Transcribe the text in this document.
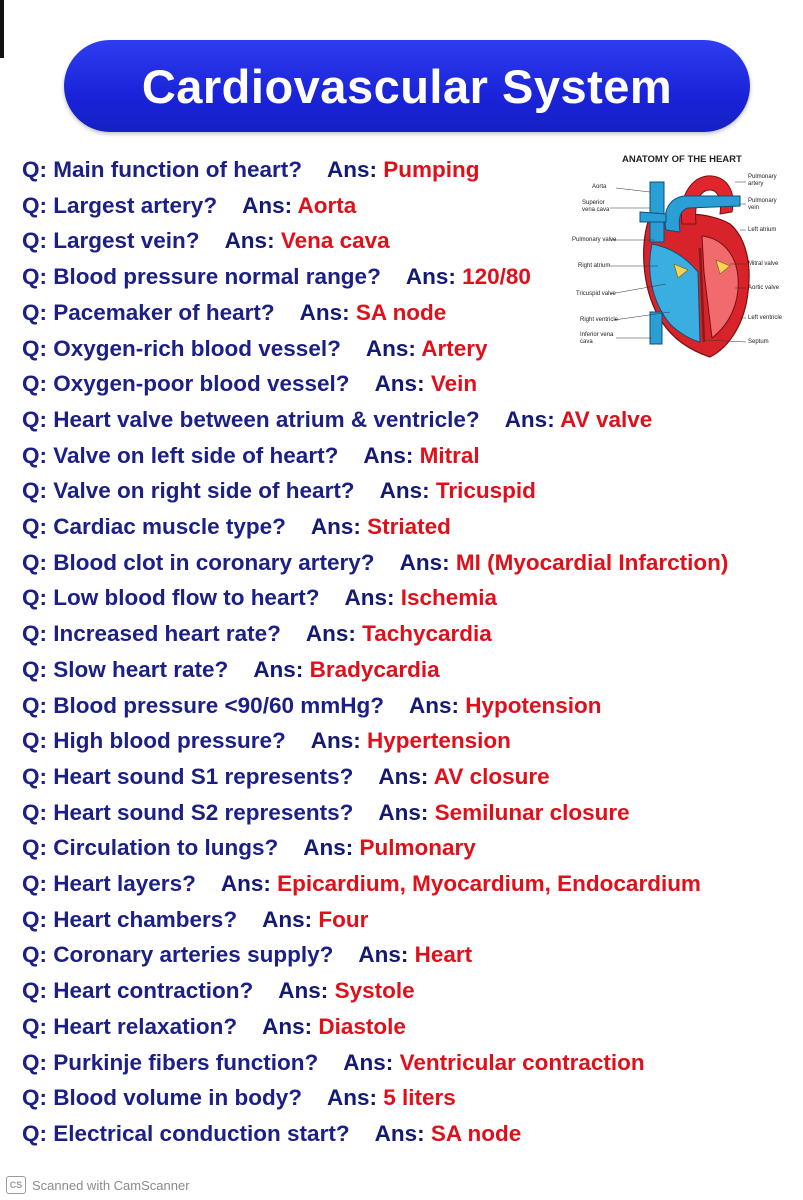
Cardiovascular System
Q: Main function of heart? Ans: Pumping
Q: Largest artery? Ans: Aorta
Q: Largest vein? Ans: Vena cava
Q: Blood pressure normal range? Ans: 120/80
Q: Pacemaker of heart? Ans: SA node
Q: Oxygen-rich blood vessel? Ans: Artery
Q: Oxygen-poor blood vessel? Ans: Vein
Q: Heart valve between atrium & ventricle? Ans: AV valve
Q: Valve on left side of heart? Ans: Mitral
Q: Valve on right side of heart? Ans: Tricuspid
Q: Cardiac muscle type? Ans: Striated
Q: Blood clot in coronary artery? Ans: MI (Myocardial Infarction)
Q: Low blood flow to heart? Ans: Ischemia
Q: Increased heart rate? Ans: Tachycardia
Q: Slow heart rate? Ans: Bradycardia
Q: Blood pressure <90/60 mmHg? Ans: Hypotension
Q: High blood pressure? Ans: Hypertension
Q: Heart sound S1 represents? Ans: AV closure
Q: Heart sound S2 represents? Ans: Semilunar closure
Q: Circulation to lungs? Ans: Pulmonary
Q: Heart layers? Ans: Epicardium, Myocardium, Endocardium
Q: Heart chambers? Ans: Four
Q: Coronary arteries supply? Ans: Heart
Q: Heart contraction? Ans: Systole
Q: Heart relaxation? Ans: Diastole
Q: Purkinje fibers function? Ans: Ventricular contraction
Q: Blood volume in body? Ans: 5 liters
Q: Electrical conduction start? Ans: SA node
ANATOMY OF THE HEART
Aorta
Superior vena cava
Pulmonary valve
Right atrium
Tricuspid valve
Right ventricle
Inferior vena cava
Pulmonary artery
Pulmonary vein
Left atrium
Mitral valve
Aortic valve
Left ventricle
Septum
CS Scanned with CamScanner
